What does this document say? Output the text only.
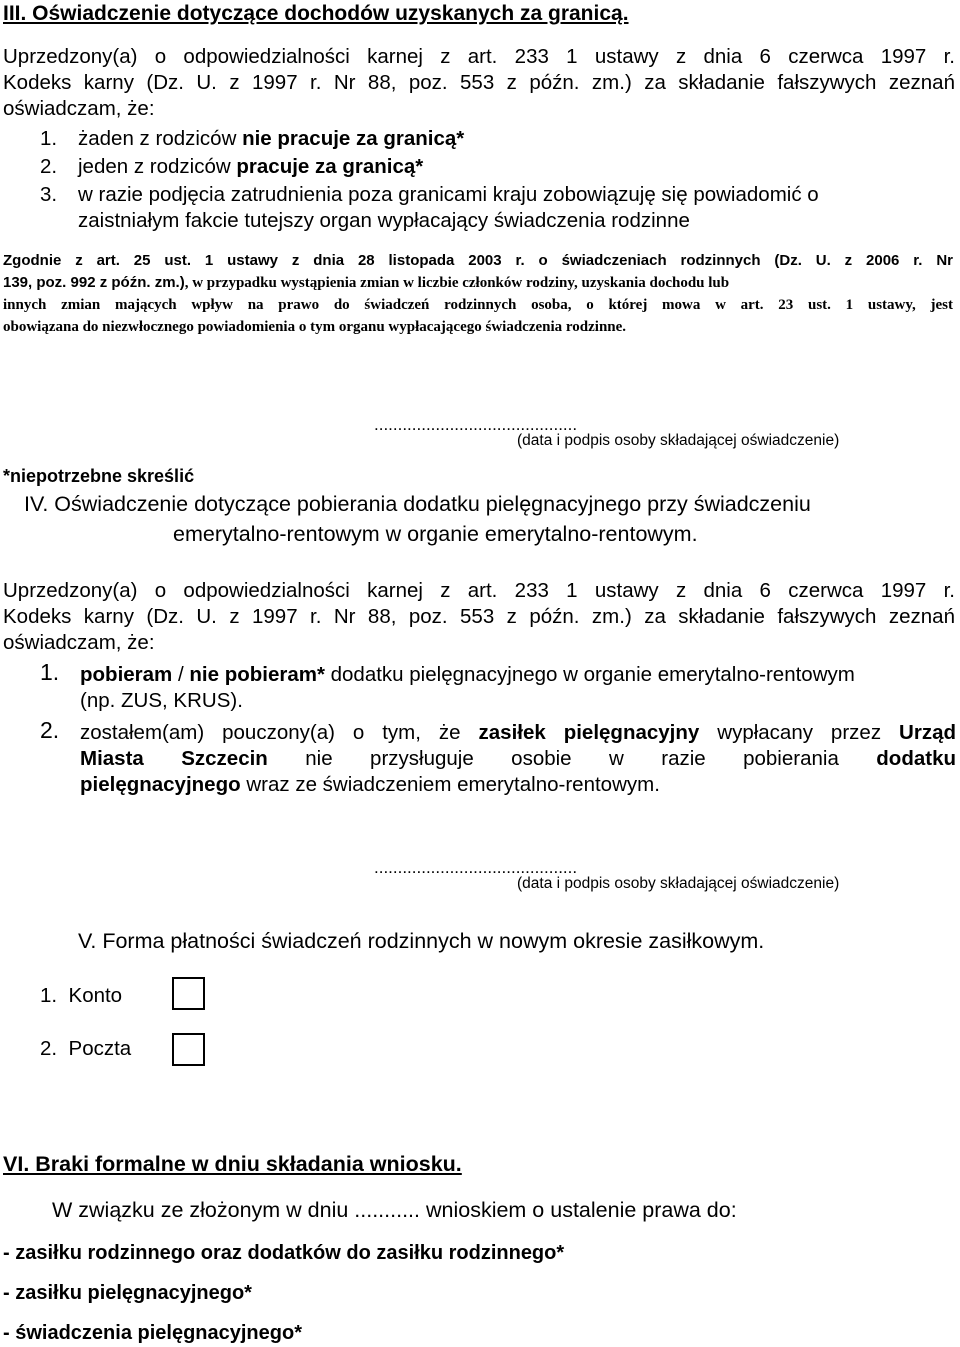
III. Oświadczenie dotyczące dochodów uzyskanych za granicą.
Uprzedzony(a) o odpowiedzialności karnej z art. 233 1 ustawy z dnia 6 czerwca 1997 r.
Kodeks karny (Dz. U. z 1997 r. Nr 88, poz. 553 z późn. zm.) za składanie fałszywych zeznań
oświadczam, że:
1. żaden z rodziców nie pracuje za granicą*
2. jeden z rodziców pracuje za granicą*
3. w razie podjęcia zatrudnienia poza granicami kraju zobowiązuję się powiadomić o
zaistniałym fakcie tutejszy organ wypłacający świadczenia rodzinne
Zgodnie z art. 25 ust. 1 ustawy z dnia 28 listopada 2003 r. o świadczeniach rodzinnych (Dz. U. z 2006 r. Nr
139, poz. 992 z późn. zm.), w przypadku wystąpienia zmian w liczbie członków rodziny, uzyskania dochodu lub
innych zmian mających wpływ na prawo do świadczeń rodzinnych osoba, o której mowa w art. 23 ust. 1 ustawy, jest
obowiązana do niezwłocznego powiadomienia o tym organu wypłacającego świadczenia rodzinne.
...........................................
(data i podpis osoby składającej oświadczenie)
*niepotrzebne skreślić
IV. Oświadczenie dotyczące pobierania dodatku pielęgnacyjnego przy świadczeniu
emerytalno-rentowym w organie emerytalno-rentowym.
Uprzedzony(a) o odpowiedzialności karnej z art. 233 1 ustawy z dnia 6 czerwca 1997 r.
Kodeks karny (Dz. U. z 1997 r. Nr 88, poz. 553 z późn. zm.) za składanie fałszywych zeznań
oświadczam, że:
1. pobieram / nie pobieram* dodatku pielęgnacyjnego w organie emerytalno-rentowym
(np. ZUS, KRUS).
2. zostałem(am) pouczony(a) o tym, że zasiłek pielęgnacyjny wypłacany przez Urząd
Miasta Szczecin nie przysługuje osobie w razie pobierania dodatku
pielęgnacyjnego wraz ze świadczeniem emerytalno-rentowym.
...........................................
(data i podpis osoby składającej oświadczenie)
V. Forma płatności świadczeń rodzinnych w nowym okresie zasiłkowym.
1. Konto
2. Poczta
VI. Braki formalne w dniu składania wniosku.
W związku ze złożonym w dniu ........... wnioskiem o ustalenie prawa do:
- zasiłku rodzinnego oraz dodatków do zasiłku rodzinnego*
- zasiłku pielęgnacyjnego*
- świadczenia pielęgnacyjnego*
